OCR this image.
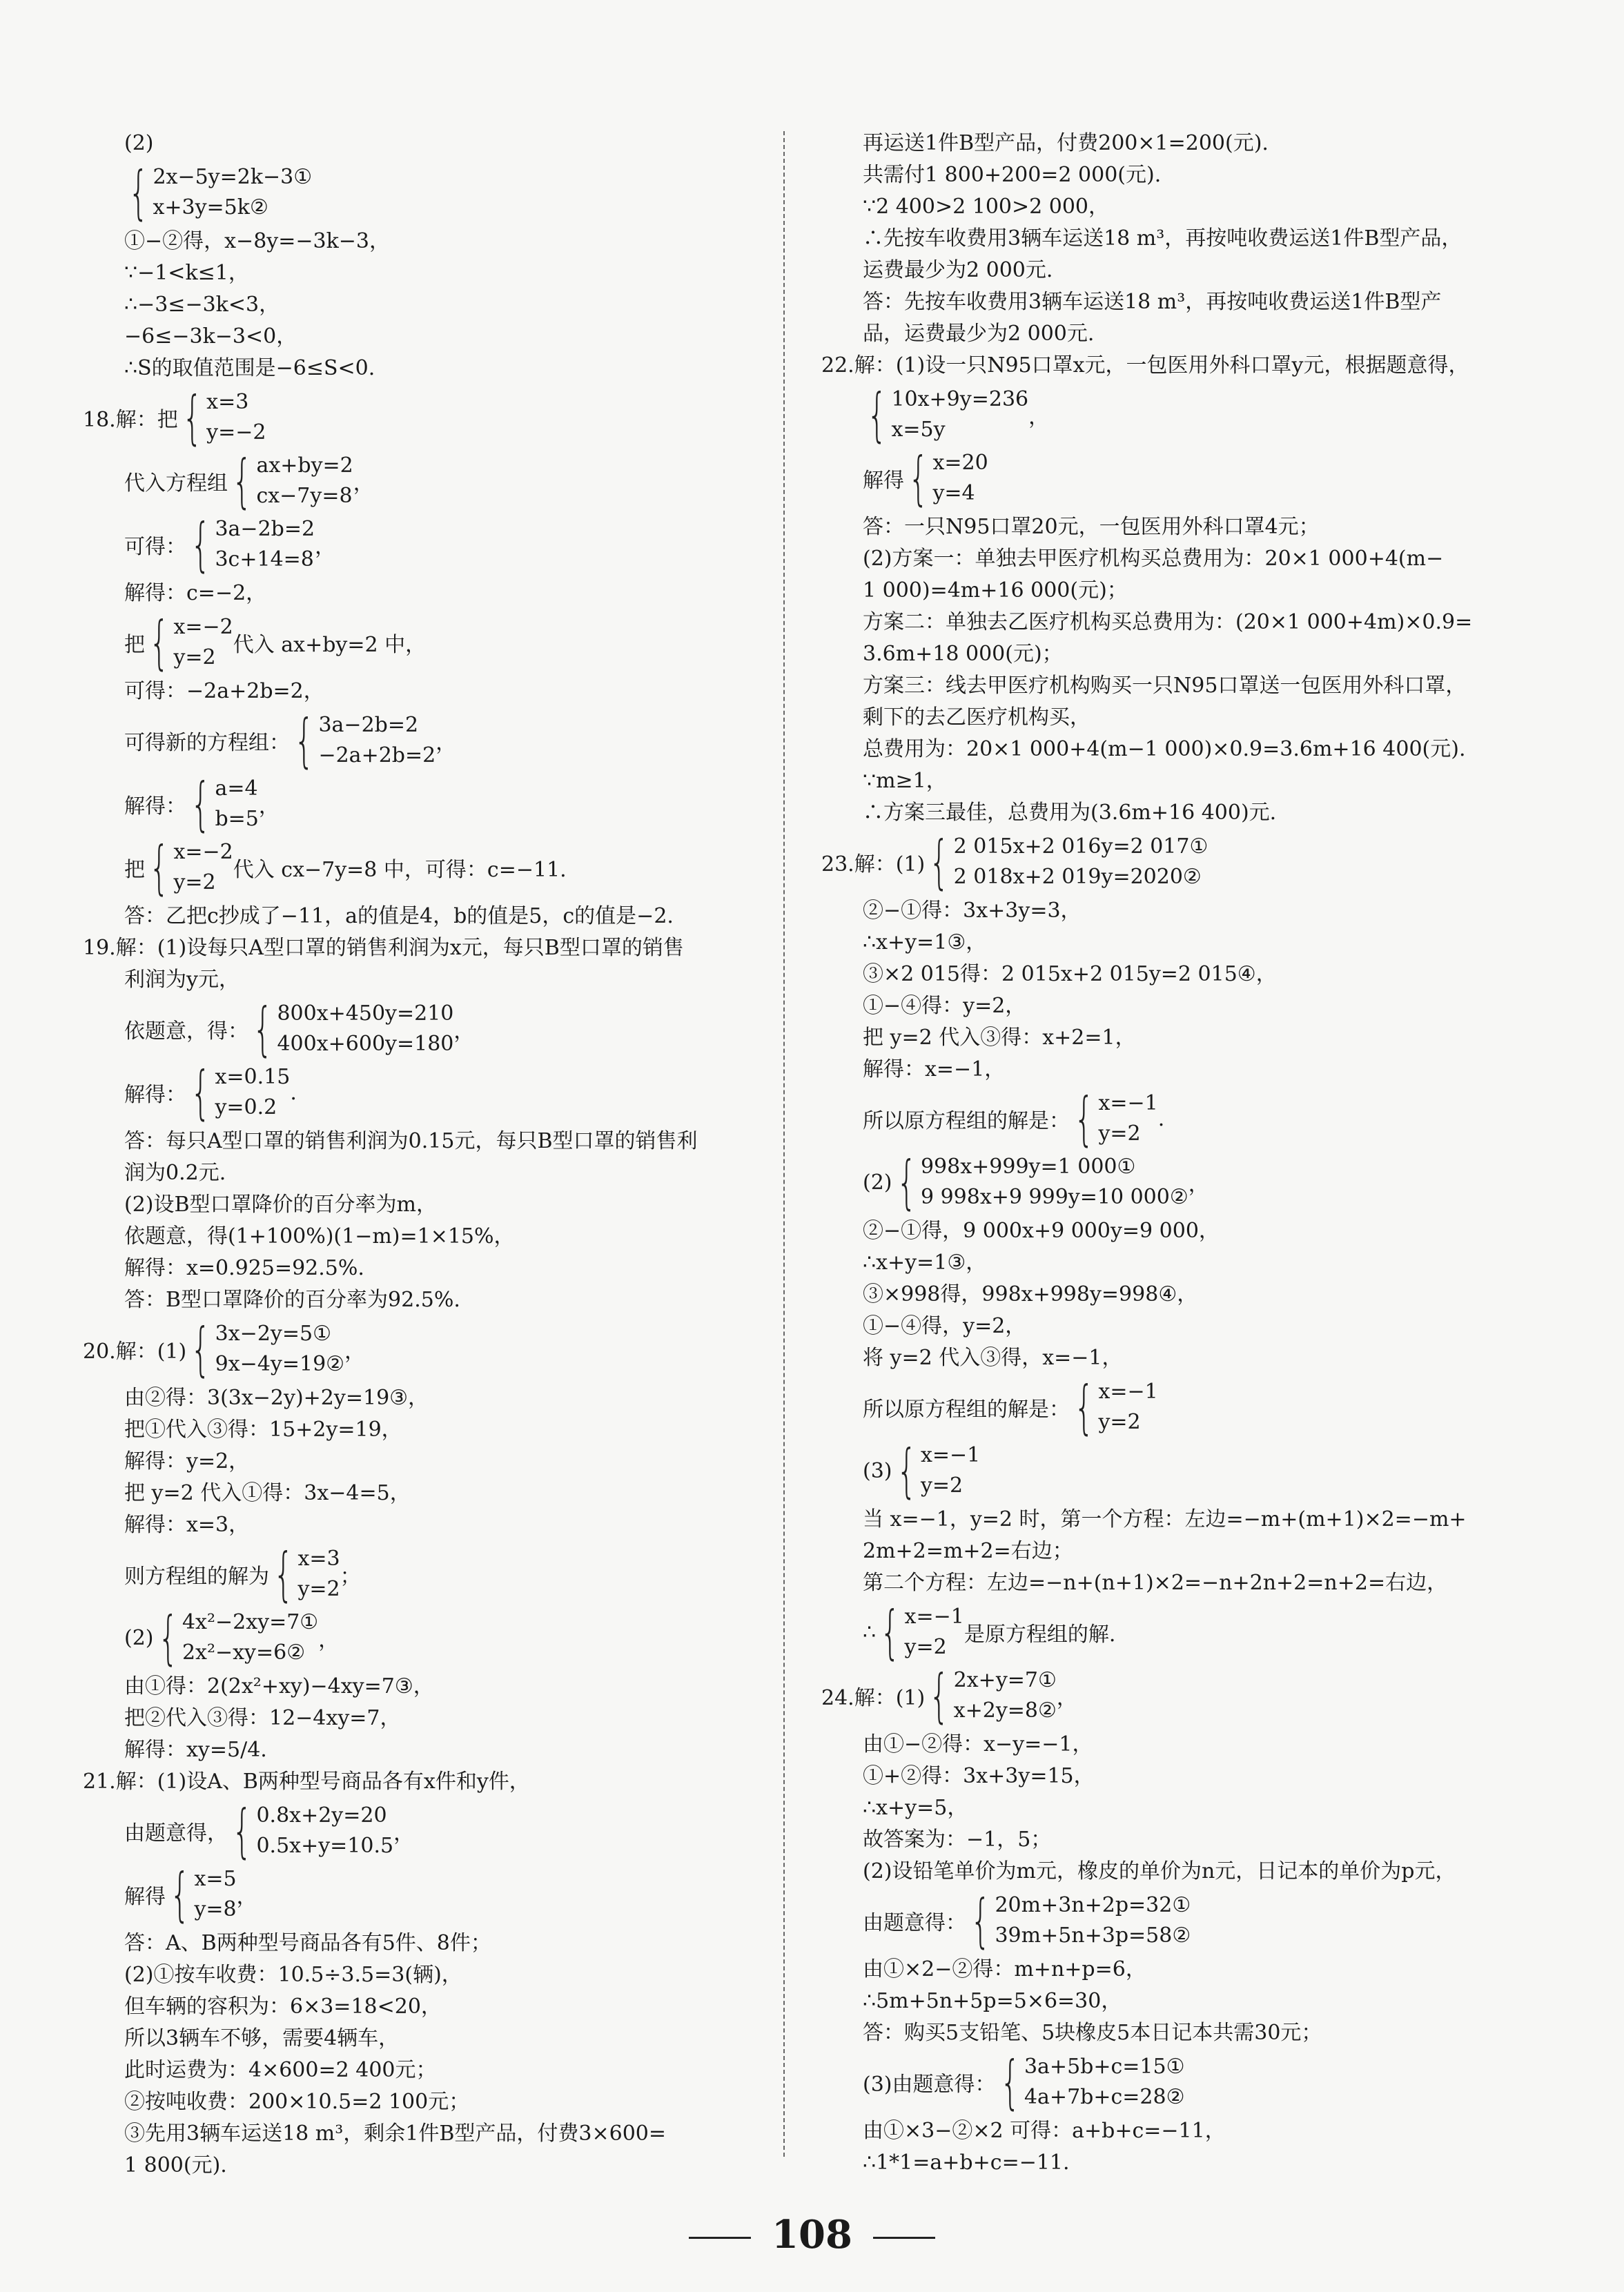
(2)
{ 2x−5y=2k−3①
x+3y=5k②
①−②得，x−8y=−3k−3，
∵−1<k≤1，
∴−3≤−3k<3，
−6≤−3k−3<0，
∴S的取值范围是−6≤S<0.
18.解：把 { x=3
y=−2
代入方程组 { ax+by=2
cx−7y=8
，
可得： { 3a−2b=2
3c+14=8
，
解得：c=−2，
把 { x=−2
y=2
代入 ax+by=2 中，
可得：−2a+2b=2，
可得新的方程组： { 3a−2b=2
−2a+2b=2
，
解得： { a=4
b=5
，
把 { x=−2
y=2
代入 cx−7y=8 中，可得：c=−11.
答：乙把c抄成了−11，a的值是4，b的值是5，c的值是−2.
19.解：(1)设每只A型口罩的销售利润为x元，每只B型口罩的销售
利润为y元，
依题意，得： { 800x+450y=210
400x+600y=180
，
解得： { x=0.15
y=0.2
.
答：每只A型口罩的销售利润为0.15元，每只B型口罩的销售利
润为0.2元.
(2)设B型口罩降价的百分率为m，
依题意，得(1+100%)(1−m)=1×15%，
解得：x=0.925=92.5%.
答：B型口罩降价的百分率为92.5%.
20.解：(1) { 3x−2y=5①
9x−4y=19②
，
由②得：3(3x−2y)+2y=19③，
把①代入③得：15+2y=19，
解得：y=2，
把 y=2 代入①得：3x−4=5，
解得：x=3，
则方程组的解为 { x=3
y=2
；
(2) { 4x²−2xy=7①
2x²−xy=6②
，
由①得：2(2x²+xy)−4xy=7③，
把②代入③得：12−4xy=7，
解得：xy=5/4.
21.解：(1)设A、B两种型号商品各有x件和y件，
由题意得， { 0.8x+2y=20
0.5x+y=10.5
，
解得 { x=5
y=8
，
答：A、B两种型号商品各有5件、8件；
(2)①按车收费：10.5÷3.5=3(辆)，
但车辆的容积为：6×3=18<20，
所以3辆车不够，需要4辆车，
此时运费为：4×600=2 400元；
②按吨收费：200×10.5=2 100元；
③先用3辆车运送18 m³，剩余1件B型产品，付费3×600=
1 800(元).
再运送1件B型产品，付费200×1=200(元).
共需付1 800+200=2 000(元).
∵2 400>2 100>2 000，
∴先按车收费用3辆车运送18 m³，再按吨收费运送1件B型产品，
运费最少为2 000元.
答：先按车收费用3辆车运送18 m³，再按吨收费运送1件B型产
品，运费最少为2 000元.
22.解：(1)设一只N95口罩x元，一包医用外科口罩y元，根据题意得，
{ 10x+9y=236
x=5y
，
解得 { x=20
y=4
答：一只N95口罩20元，一包医用外科口罩4元；
(2)方案一：单独去甲医疗机构买总费用为：20×1 000+4(m−
1 000)=4m+16 000(元)；
方案二：单独去乙医疗机构买总费用为：(20×1 000+4m)×0.9=
3.6m+18 000(元)；
方案三：线去甲医疗机构购买一只N95口罩送一包医用外科口罩，
剩下的去乙医疗机构买，
总费用为：20×1 000+4(m−1 000)×0.9=3.6m+16 400(元).
∵m≥1，
∴方案三最佳，总费用为(3.6m+16 400)元.
23.解：(1) { 2 015x+2 016y=2 017①
2 018x+2 019y=2020②
②−①得：3x+3y=3，
∴x+y=1③，
③×2 015得：2 015x+2 015y=2 015④，
①−④得：y=2，
把 y=2 代入③得：x+2=1，
解得：x=−1，
所以原方程组的解是： { x=−1
y=2
.
(2) { 998x+999y=1 000①
9 998x+9 999y=10 000②
，
②−①得，9 000x+9 000y=9 000，
∴x+y=1③，
③×998得，998x+998y=998④，
①−④得，y=2，
将 y=2 代入③得，x=−1，
所以原方程组的解是： { x=−1
y=2
(3) { x=−1
y=2
当 x=−1，y=2 时，第一个方程：左边=−m+(m+1)×2=−m+
2m+2=m+2=右边；
第二个方程：左边=−n+(n+1)×2=−n+2n+2=n+2=右边，
∴ { x=−1
y=2
是原方程组的解.
24.解：(1) { 2x+y=7①
x+2y=8②
，
由①−②得：x−y=−1，
①+②得：3x+3y=15，
∴x+y=5，
故答案为：−1，5；
(2)设铅笔单价为m元，橡皮的单价为n元，日记本的单价为p元，
由题意得： { 20m+3n+2p=32①
39m+5n+3p=58②
由①×2−②得：m+n+p=6，
∴5m+5n+5p=5×6=30，
答：购买5支铅笔、5块橡皮5本日记本共需30元；
(3)由题意得： { 3a+5b+c=15①
4a+7b+c=28②
由①×3−②×2 可得：a+b+c=−11，
∴1*1=a+b+c=−11.
108
